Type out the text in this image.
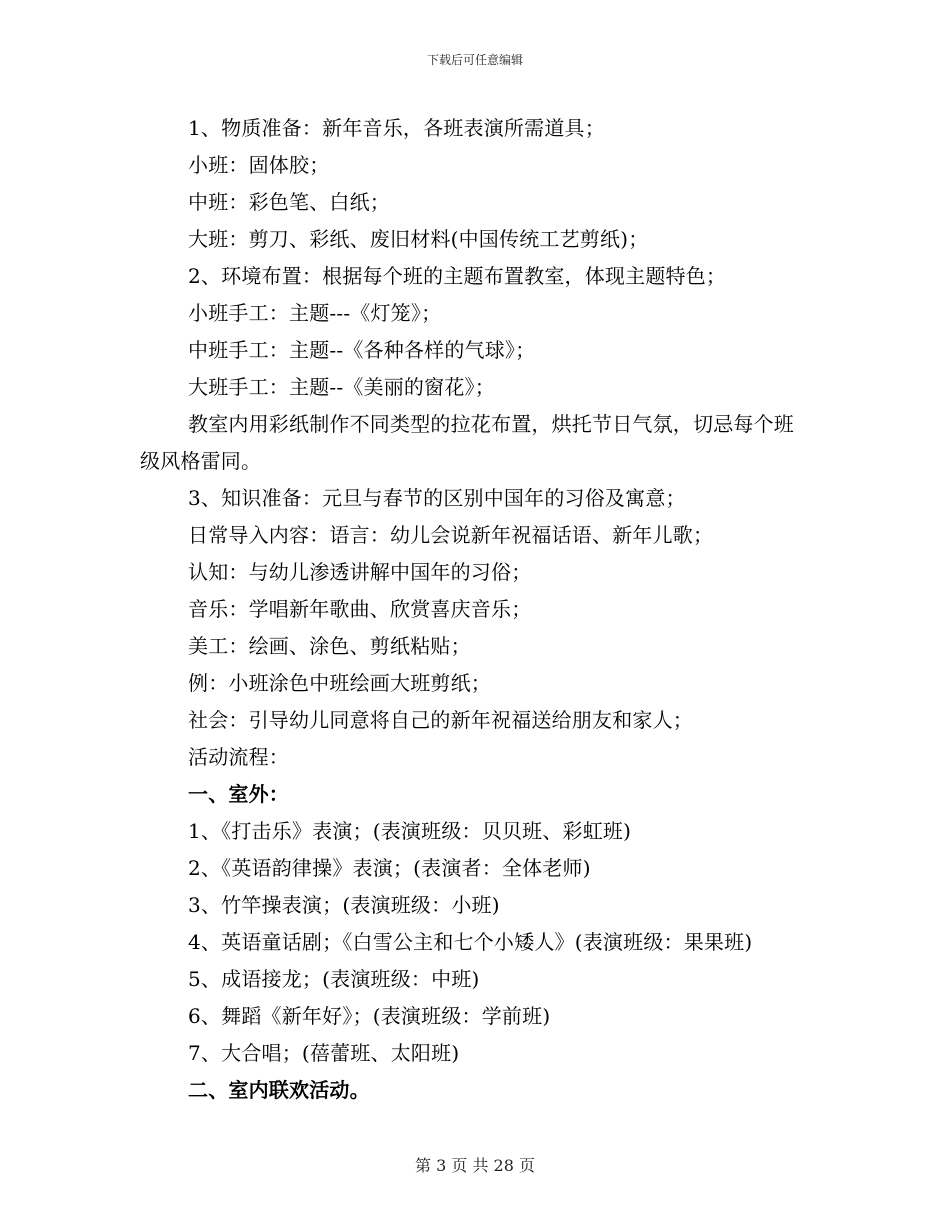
下载后可任意编辑
1、物质准备：新年音乐，各班表演所需道具；
小班：固体胶；
中班：彩色笔、白纸；
大班：剪刀、彩纸、废旧材料(中国传统工艺剪纸)；
2、环境布置：根据每个班的主题布置教室，体现主题特色；
小班手工：主题---《灯笼》；
中班手工：主题--《各种各样的气球》；
大班手工：主题--《美丽的窗花》；
教室内用彩纸制作不同类型的拉花布置，烘托节日气氛，切忌每个班级风格雷同。
3、知识准备：元旦与春节的区别中国年的习俗及寓意；
日常导入内容：语言：幼儿会说新年祝福话语、新年儿歌；
认知：与幼儿渗透讲解中国年的习俗；
音乐：学唱新年歌曲、欣赏喜庆音乐；
美工：绘画、涂色、剪纸粘贴；
例：小班涂色中班绘画大班剪纸；
社会：引导幼儿同意将自己的新年祝福送给朋友和家人；
活动流程：
一、室外：
1、《打击乐》表演；(表演班级：贝贝班、彩虹班)
2、《英语韵律操》表演；(表演者：全体老师)
3、竹竿操表演；(表演班级：小班)
4、英语童话剧；《白雪公主和七个小矮人》(表演班级：果果班)
5、成语接龙；(表演班级：中班)
6、舞蹈《新年好》；(表演班级：学前班)
7、大合唱；(蓓蕾班、太阳班)
二、室内联欢活动。
第 3 页 共 28 页
